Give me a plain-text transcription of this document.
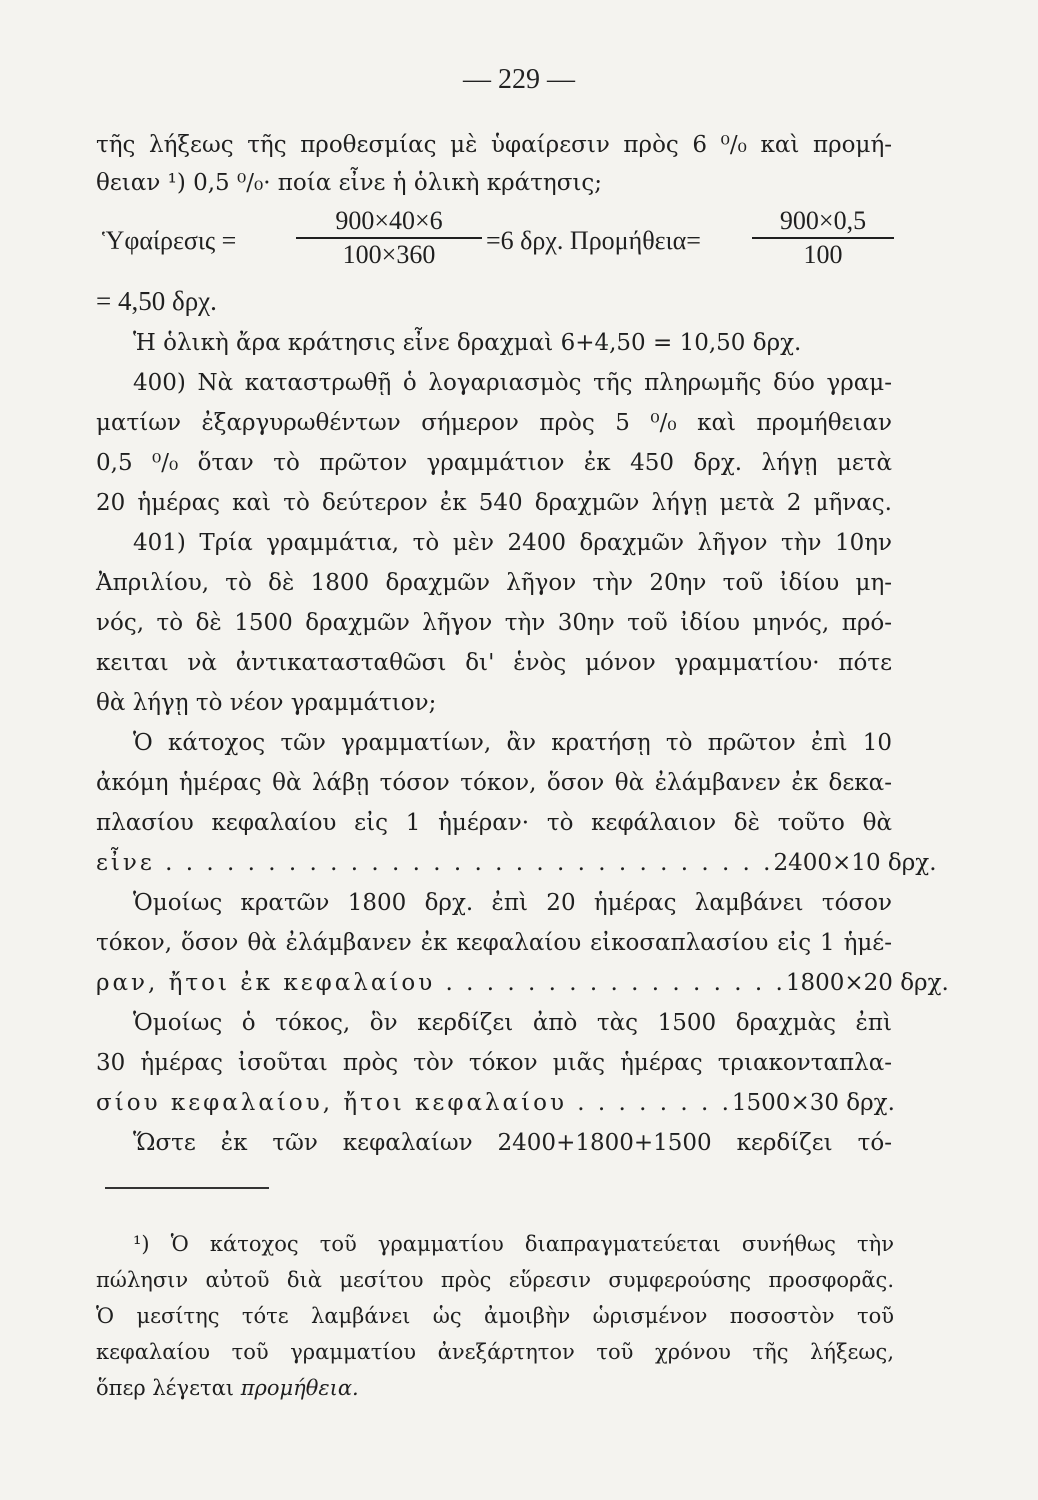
— 229 —
τῆς λήξεως τῆς προθεσμίας μὲ ὑφαίρεσιν πρὸς 6 ⁰/₀ καὶ προμή-
θειαν ¹) 0,5 ⁰/₀· ποία εἶνε ἡ ὁλικὴ κράτησις;
Ὑφαίρεσις =
900×40×6
100×360	=6 δρχ. Προμήθεια=
900×0,5
100
= 4,50 δρχ.
Ἡ ὁλικὴ ἄρα κράτησις εἶνε δραχμαὶ 6+4,50 = 10,50 δρχ.
400) Νὰ καταστρωθῇ ὁ λογαριασμὸς τῆς πληρωμῆς δύο γραμ-
ματίων ἐξαργυρωθέντων σήμερον πρὸς 5 ⁰/₀ καὶ προμήθειαν
0,5 ⁰/₀ ὅταν τὸ πρῶτον γραμμάτιον ἐκ 450 δρχ. λήγῃ μετὰ
20 ἡμέρας καὶ τὸ δεύτερον ἐκ 540 δραχμῶν λήγῃ μετὰ 2 μῆνας.
401) Τρία γραμμάτια, τὸ μὲν 2400 δραχμῶν λῆγον τὴν 10ην
Ἀπριλίου, τὸ δὲ 1800 δραχμῶν λῆγον τὴν 20ην τοῦ ἰδίου μη-
νός, τὸ δὲ 1500 δραχμῶν λῆγον τὴν 30ην τοῦ ἰδίου μηνός, πρό-
κειται νὰ ἀντικατασταθῶσι δι' ἑνὸς μόνον γραμματίου· πότε
θὰ λήγῃ τὸ νέον γραμμάτιον;
Ὁ κάτοχος τῶν γραμματίων, ἂν κρατήσῃ τὸ πρῶτον ἐπὶ 10
ἀκόμη ἡμέρας θὰ λάβῃ τόσον τόκον, ὅσον θὰ ἐλάμβανεν ἐκ δεκα-
πλασίου κεφαλαίου εἰς 1 ἡμέραν· τὸ κεφάλαιον δὲ τοῦτο θὰ
εἶνε . . . . . . . . . . . . . . . . . . . . . . . . . . . . . . 2400×10 δρχ.
Ὁμοίως κρατῶν 1800 δρχ. ἐπὶ 20 ἡμέρας λαμβάνει τόσον
τόκον, ὅσον θὰ ἐλάμβανεν ἐκ κεφαλαίου εἰκοσαπλασίου εἰς 1 ἡμέ-
ραν, ἤτοι ἐκ κεφαλαίου . . . . . . . . . . . . . . . . . 1800×20 δρχ.
Ὁμοίως ὁ τόκος, ὃν κερδίζει ἀπὸ τὰς 1500 δραχμὰς ἐπὶ
30 ἡμέρας ἰσοῦται πρὸς τὸν τόκον μιᾶς ἡμέρας τριακονταπλα-
σίου κεφαλαίου, ἤτοι κεφαλαίου . . . . . . . . 1500×30 δρχ.
Ὥστε ἐκ τῶν κεφαλαίων 2400+1800+1500 κερδίζει τό-
¹) Ὁ κάτοχος τοῦ γραμματίου διαπραγματεύεται συνήθως τὴν
πώλησιν αὐτοῦ διὰ μεσίτου πρὸς εὕρεσιν συμφερούσης προσφορᾶς.
Ὁ μεσίτης τότε λαμβάνει ὡς ἀμοιβὴν ὡρισμένον ποσοστὸν τοῦ
κεφαλαίου τοῦ γραμματίου ἀνεξάρτητον τοῦ χρόνου τῆς λήξεως,
ὅπερ λέγεται προμήθεια.
